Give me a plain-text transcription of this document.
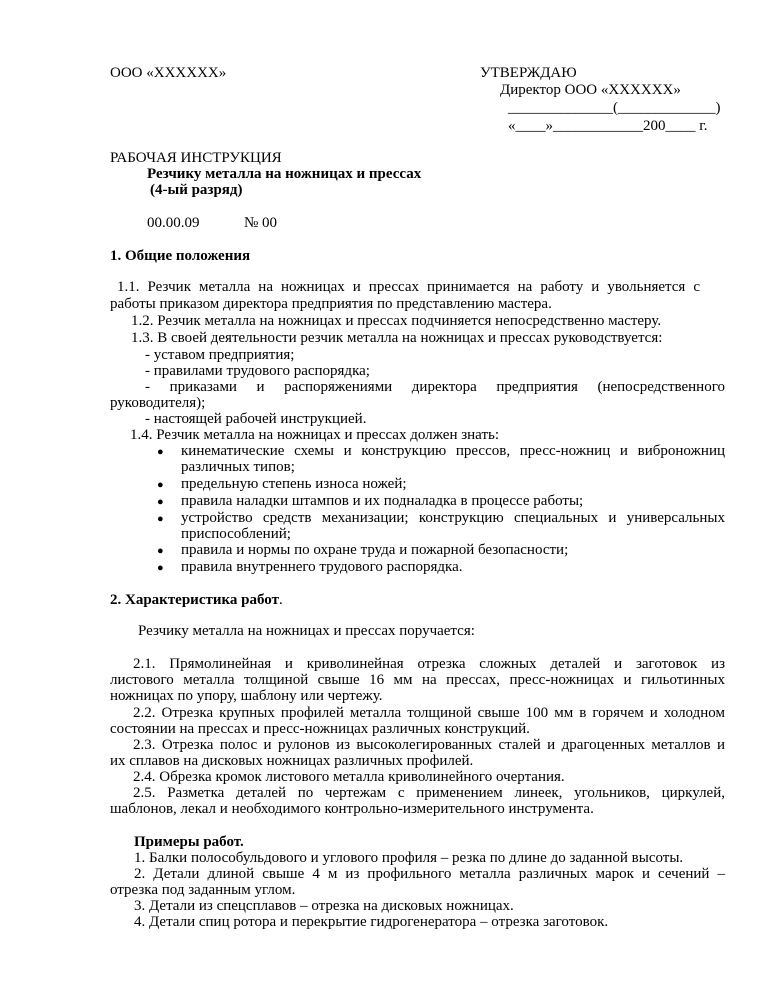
ООО «ХХХХХХ»	УТВЕРЖДАЮ
Директор ООО «ХХХХХХ»
______________(_____________)
«____»____________200____ г.
РАБОЧАЯ ИНСТРУКЦИЯ
Резчику металла на ножницах и прессах
(4-ый разряд)
00.00.09	№ 00
1. Общие положения
1.1. Резчик металла на ножницах и прессах принимается на работу и увольняется с
работы приказом директора предприятия по представлению мастера.
1.2. Резчик металла на ножницах и прессах подчиняется непосредственно мастеру.
1.3. В своей деятельности резчик металла на ножницах и прессах руководствуется:
- уставом предприятия;
- правилами трудового распорядка;
- приказами и распоряжениями директора предприятия (непосредственного
руководителя);
- настоящей рабочей инструкцией.
1.4. Резчик металла на ножницах и прессах должен знать:
● кинематические схемы и конструкцию прессов, пресс-ножниц и виброножниц
различных типов;
● предельную степень износа ножей;
● правила наладки штампов и их подналадка в процессе работы;
● устройство средств механизации; конструкцию специальных и универсальных
приспособлений;
● правила и нормы по охране труда и пожарной безопасности;
● правила внутреннего трудового распорядка.
2. Характеристика работ.
Резчику металла на ножницах и прессах поручается:
2.1. Прямолинейная и криволинейная отрезка сложных деталей и заготовок из
листового металла толщиной свыше 16 мм на прессах, пресс-ножницах и гильотинных
ножницах по упору, шаблону или чертежу.
2.2. Отрезка крупных профилей металла толщиной свыше 100 мм в горячем и холодном
состоянии на прессах и пресс-ножницах различных конструкций.
2.3. Отрезка полос и рулонов из высоколегированных сталей и драгоценных металлов и
их сплавов на дисковых ножницах различных профилей.
2.4. Обрезка кромок листового металла криволинейного очертания.
2.5. Разметка деталей по чертежам с применением линеек, угольников, циркулей,
шаблонов, лекал и необходимого контрольно-измерительного инструмента.
Примеры работ.
1. Балки полособульдового и углового профиля – резка по длине до заданной высоты.
2. Детали длиной свыше 4 м из профильного металла различных марок и сечений –
отрезка под заданным углом.
3. Детали из спецсплавов – отрезка на дисковых ножницах.
4. Детали спиц ротора и перекрытие гидрогенератора – отрезка заготовок.
